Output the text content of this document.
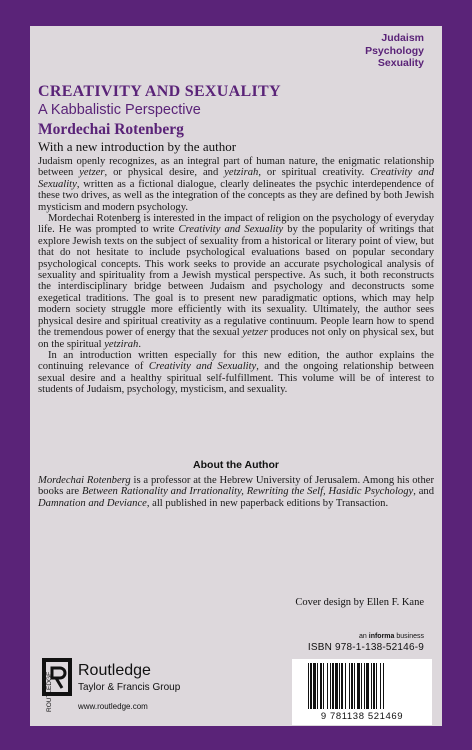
Judaism
Psychology
Sexuality
CREATIVITY AND SEXUALITY
A Kabbalistic Perspective
Mordechai Rotenberg
With a new introduction by the author

Judaism openly recognizes, as an integral part of human nature, the enigmatic relationship between yetzer, or physical desire, and yetzirah, or spiritual creativity. Creativity and Sexuality, written as a fictional dialogue, clearly delineates the psychic interdependence of these two drives, as well as the integration of the concepts as they are defined by both Jewish mysticism and modern psychology.

Mordechai Rotenberg is interested in the impact of religion on the psychology of everyday life. He was prompted to write Creativity and Sexuality by the popularity of writings that explore Jewish texts on the subject of sexuality from a historical or literary point of view, but that do not hesitate to include psychological evaluations based on popular secondary psychological concepts. This work seeks to provide an accurate psychological analysis of sexuality and spirituality from a Jewish mystical perspective. As such, it both reconstructs the interdisciplinary bridge between Judaism and psychology and deconstructs some exegetical traditions. The goal is to present new paradigmatic options, which may help modern society struggle more efficiently with its sexuality. Ultimately, the author sees physical desire and spiritual creativity as a regulative continuum. People learn how to spend the tremendous power of energy that the sexual yetzer produces not only on physical sex, but on the spiritual yetzirah.

In an introduction written especially for this new edition, the author explains the continuing relevance of Creativity and Sexuality, and the ongoing relationship between sexual desire and a healthy spiritual self-fulfillment. This volume will be of interest to students of Judaism, psychology, mysticism, and sexuality.

About the Author

Mordechai Rotenberg is a professor at the Hebrew University of Jerusalem. Among his other books are Between Rationality and Irrationality, Rewriting the Self, Hasidic Psychology, and Damnation and Deviance, all published in new paperback editions by Transaction.

Cover design by Ellen F. Kane
an informa business
ISBN 978-1-138-52146-9
9 781138 521469
ROUTLEDGE
Routledge
Taylor & Francis Group
www.routledge.com
